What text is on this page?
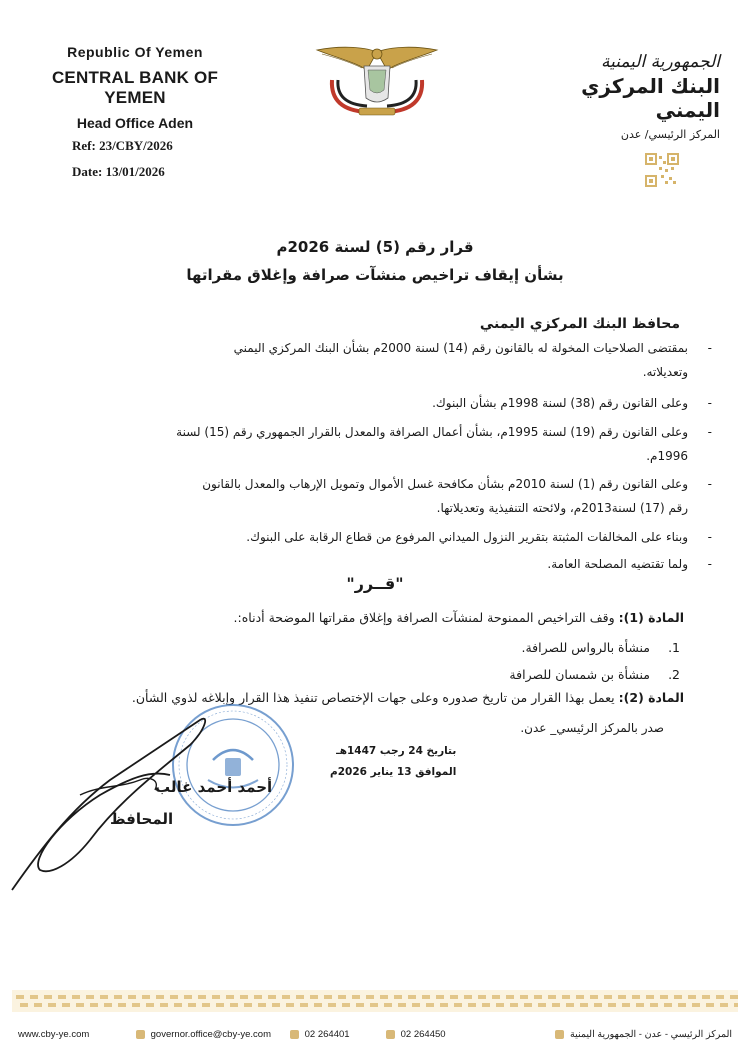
Republic Of Yemen
CENTRAL BANK OF YEMEN
Head Office Aden
Ref: 23/CBY/2026
Date: 13/01/2026
الجمهورية اليمنية
البنك المركزي اليمني
المركز الرئيسي/ عدن
قرار رقم (5) لسنة 2026م
بشأن إيقاف تراخيص منشآت صرافة وإغلاق مقراتها
محافظ البنك المركزي اليمني
-
بمقتضى الصلاحيات المخولة له بالقانون رقم (14) لسنة 2000م بشأن البنك المركزي اليمني
وتعديلاته.
-
وعلى القانون رقم (38) لسنة 1998م بشأن البنوك.
-
وعلى القانون رقم (19) لسنة 1995م، بشأن أعمال الصرافة والمعدل بالقرار الجمهوري رقم (15) لسنة
1996م.
-
وعلى القانون رقم (1) لسنة 2010م بشأن مكافحة غسل الأموال وتمويل الإرهاب والمعدل بالقانون
رقم (17) لسنة2013م، ولائحته التنفيذية وتعديلاتها.
-
وبناء على المخالفات المثبتة بتقرير النزول الميداني المرفوع من قطاع الرقابة على البنوك.
-
ولما تقتضيه المصلحة العامة.
"قــرر"
المادة (1): وقف التراخيص الممنوحة لمنشآت الصرافة وإغلاق مقراتها الموضحة أدناه:.
1.
منشأة بالرواس للصرافة.
2.
منشأة بن شمسان للصرافة
المادة (2): يعمل بهذا القرار من تاريخ صدوره وعلى جهات الإختصاص تنفيذ هذا القرار وإبلاغه لذوي الشأن.
صدر بالمركز الرئيسي_ عدن.
بتاريخ 24 رجب 1447هـ
الموافق 13 يناير 2026م
أحمد أحمد غالب
المحافظ
www.cby-ye.com	governor.office@cby-ye.com	02 264401	02 264450	المركز الرئيسي - عدن - الجمهورية اليمنية
